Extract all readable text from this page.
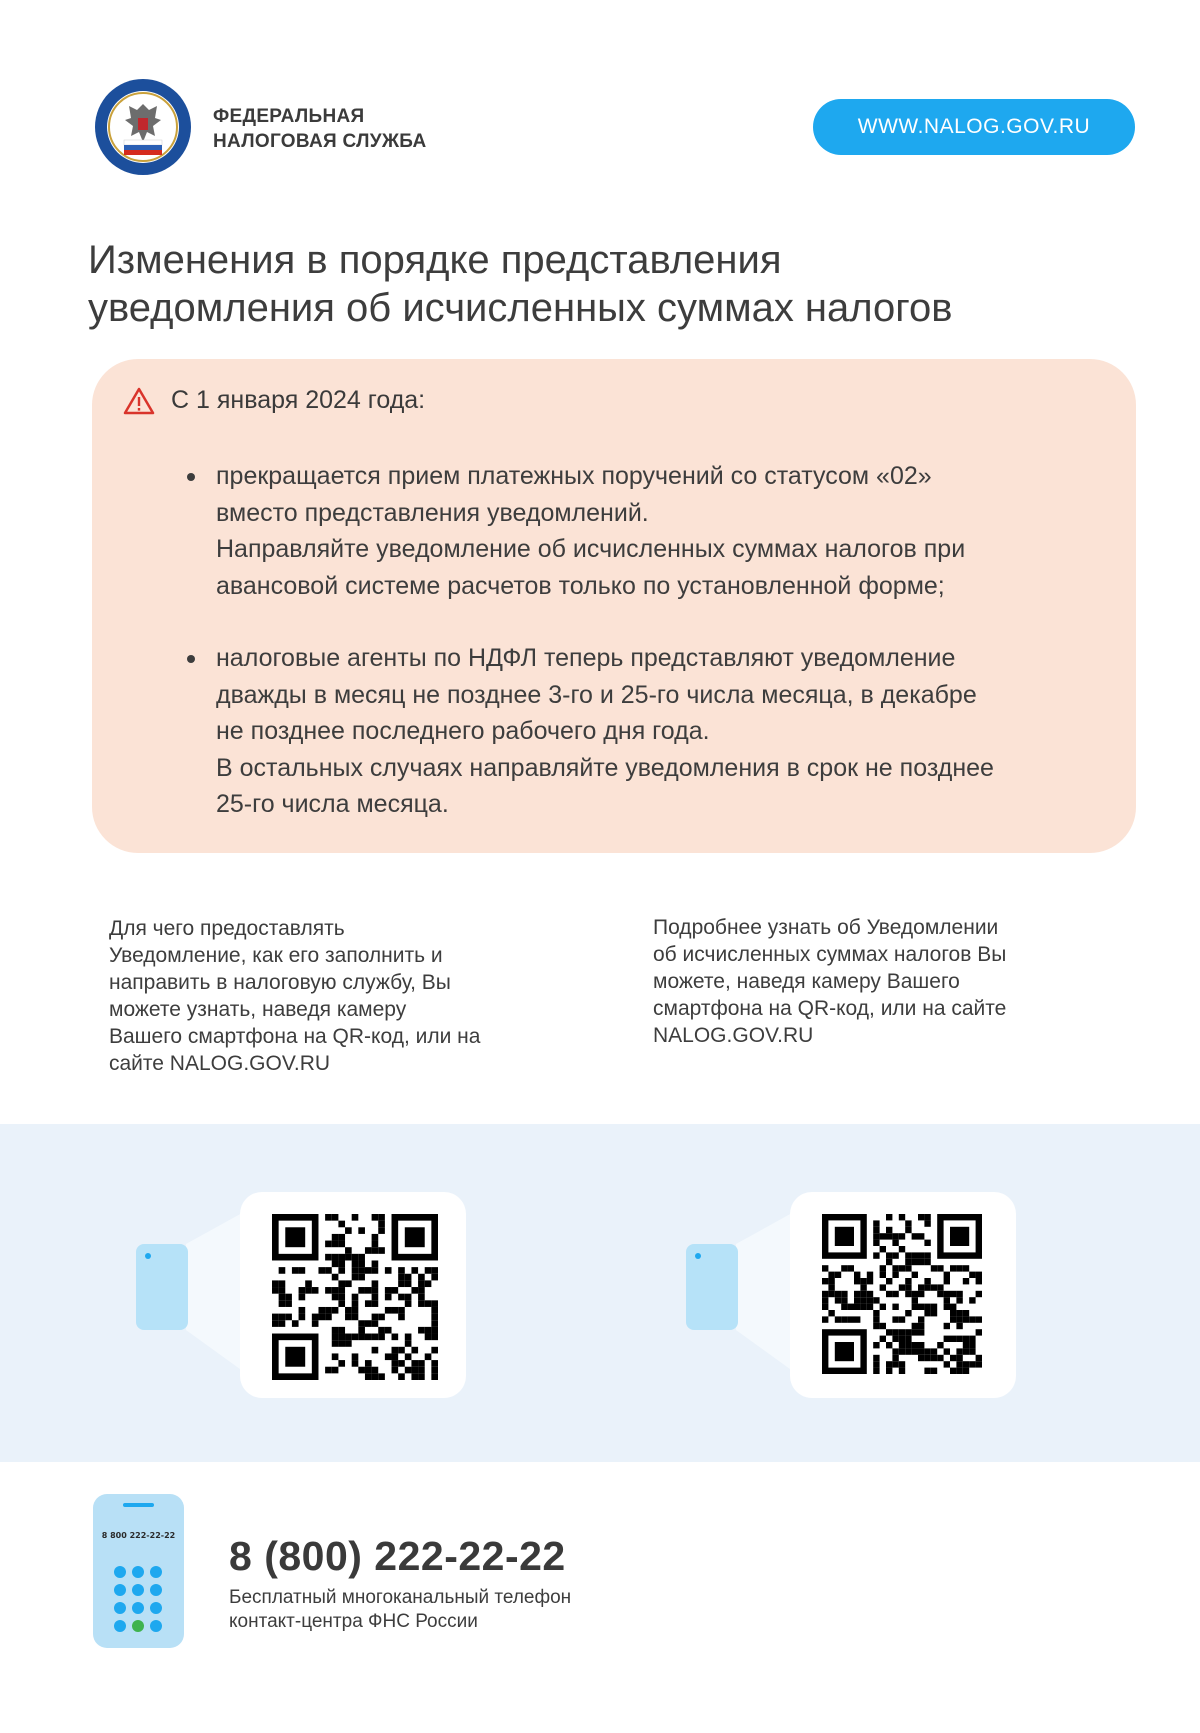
ФЕДЕРАЛЬНАЯ
НАЛОГОВАЯ СЛУЖБА
WWW.NALOG.GOV.RU
Изменения в порядке представления
уведомления об исчисленных суммах налогов
С 1 января 2024 года:

прекращается прием платежных поручений со статусом «02»

вместо представления уведомлений.

Направляйте уведомление об исчисленных суммах налогов при

авансовой системе расчетов только по установленной форме;

налоговые агенты по НДФЛ теперь представляют уведомление

дважды в месяц не позднее 3-го и 25-го числа месяца, в декабре

не позднее последнего рабочего дня года.

В остальных случаях направляйте уведомления в срок не позднее

25-го числа месяца.

Для чего предоставлять
Уведомление, как его заполнить и
направить в налоговую службу, Вы
можете узнать, наведя камеру
Вашего смартфона на QR-код, или на
сайте NALOG.GOV.RU
Подробнее узнать об Уведомлении
об исчисленных суммах налогов Вы
можете, наведя камеру Вашего
смартфона на QR-код, или на сайте
NALOG.GOV.RU
8 800 222-22-22 8 (800) 222-22-22
Бесплатный многоканальный телефон
контакт-центра ФНС России
